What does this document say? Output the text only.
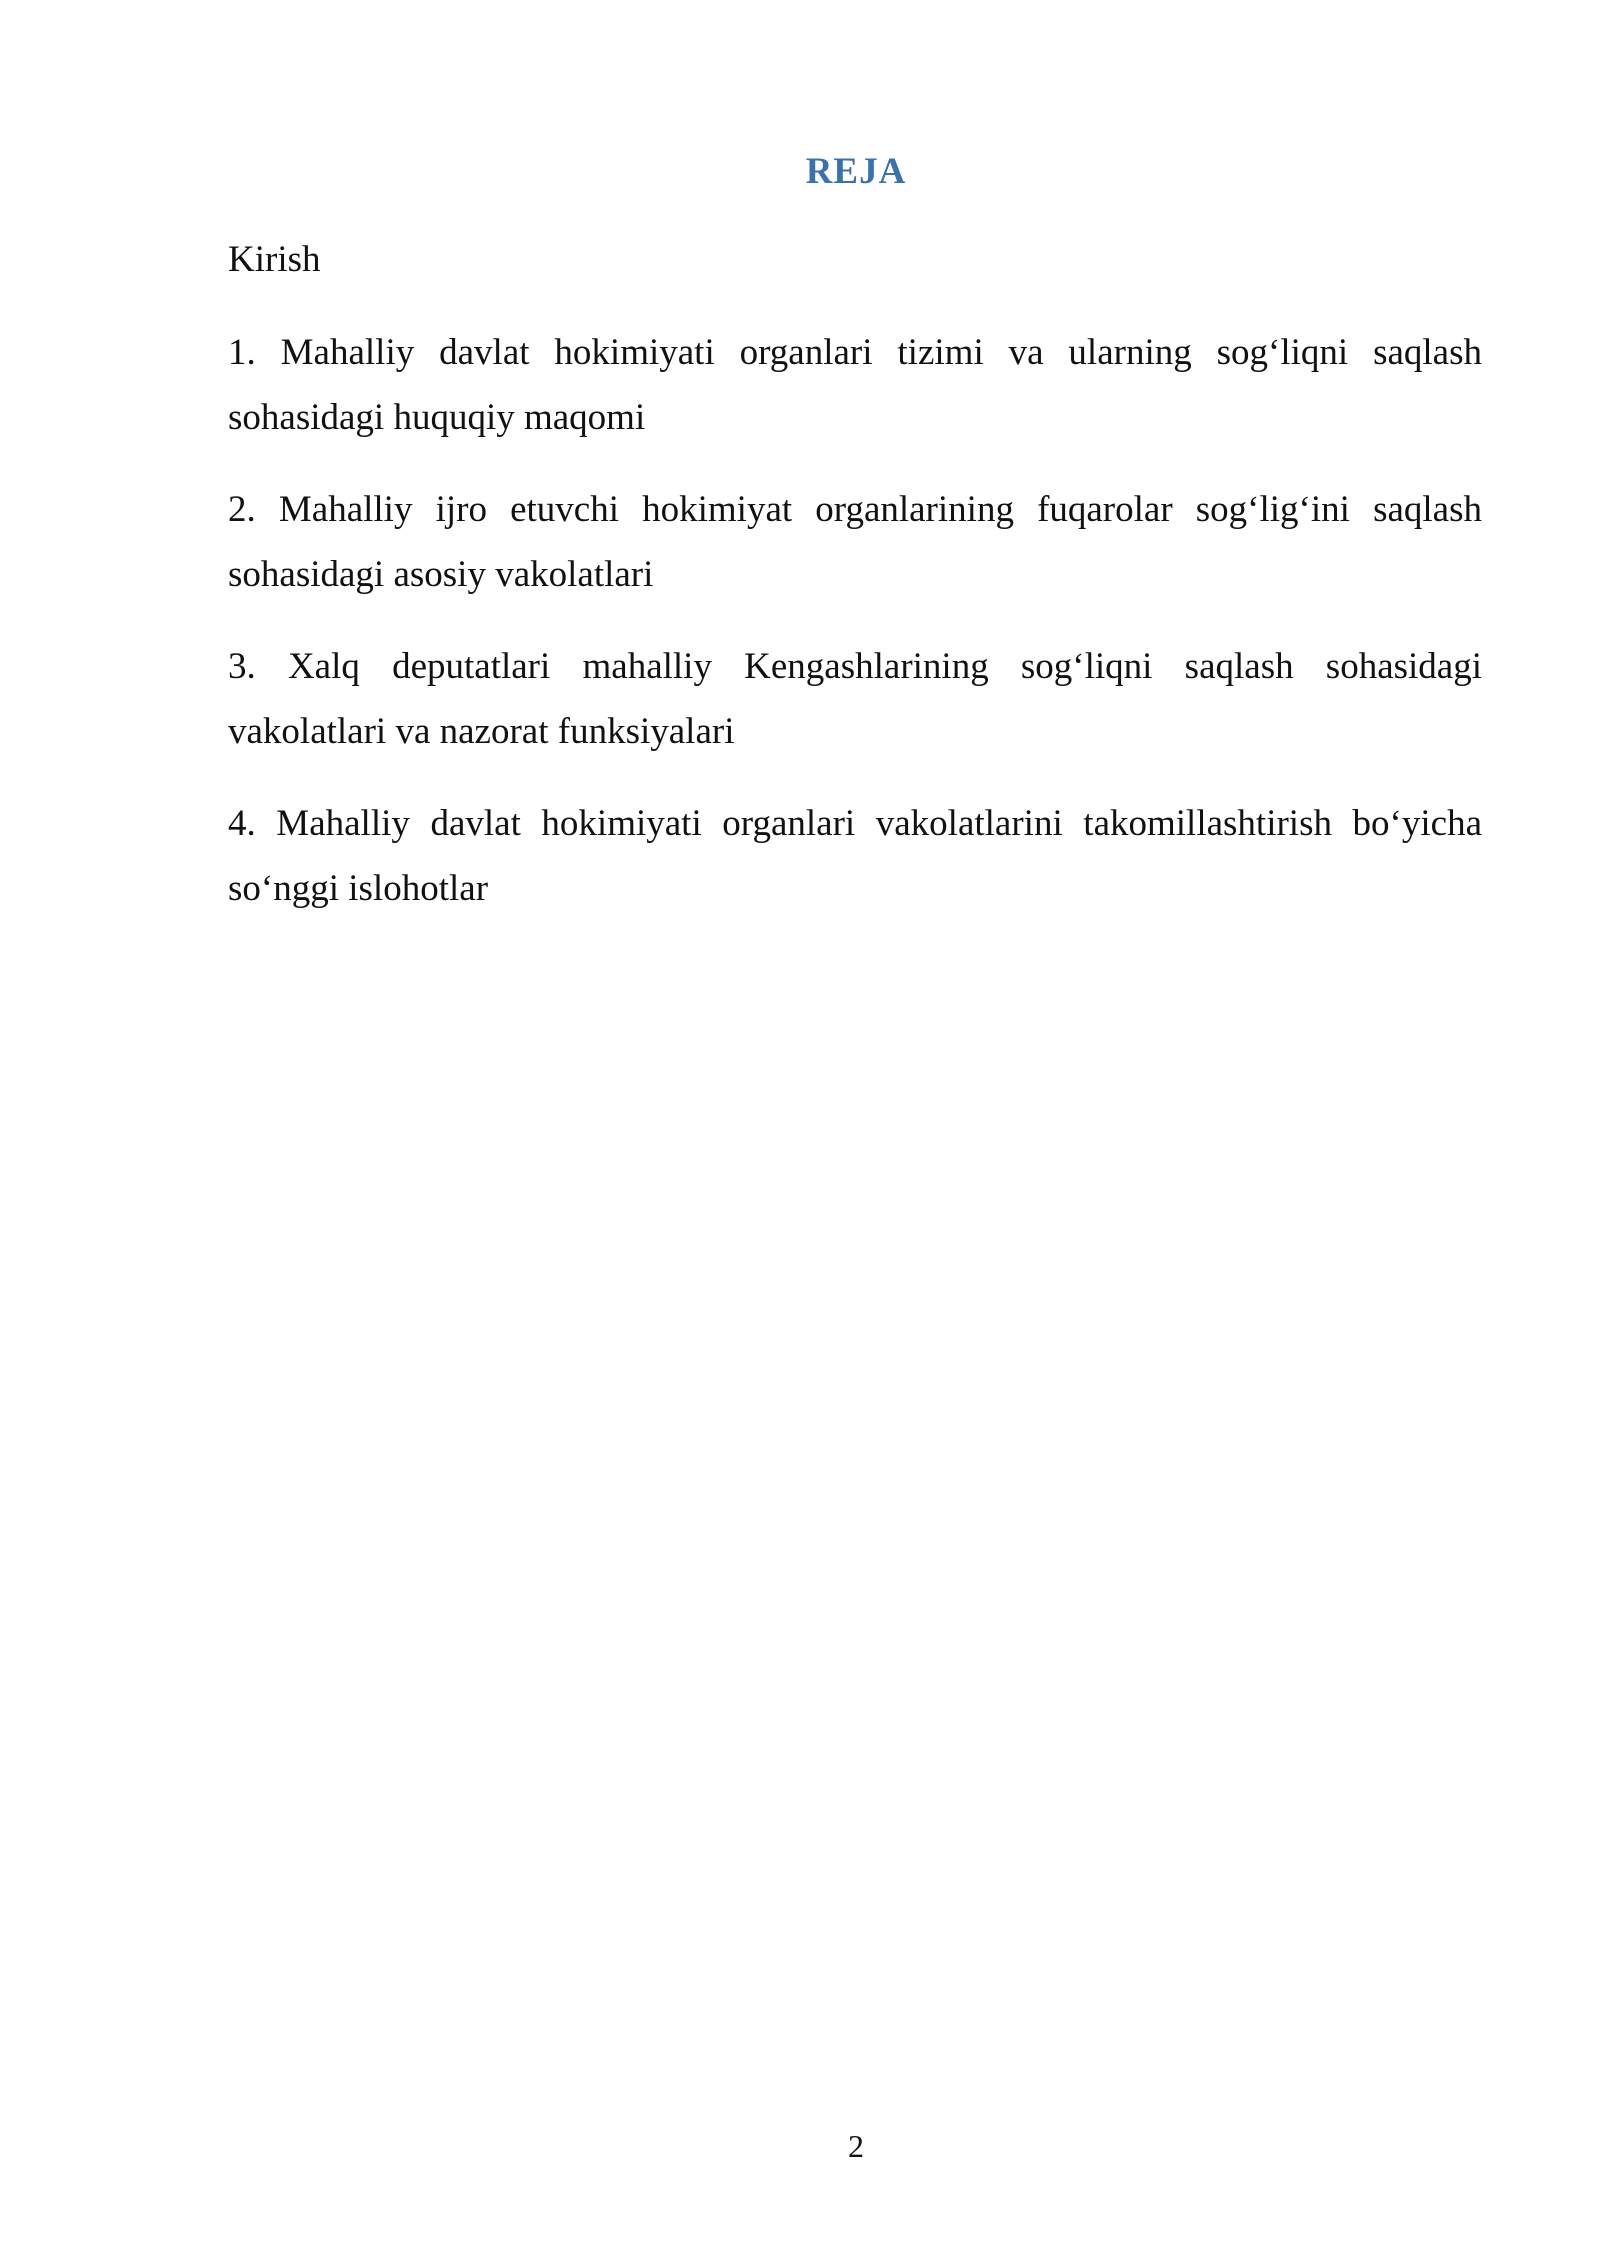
REJA
Kirish

1. Mahalliy davlat hokimiyati organlari tizimi va ularning sog‘liqni saqlash sohasidagi huquqiy maqomi

2. Mahalliy ijro etuvchi hokimiyat organlarining fuqarolar sog‘lig‘ini saqlash sohasidagi asosiy vakolatlari

3. Xalq deputatlari mahalliy Kengashlarining sog‘liqni saqlash sohasidagi vakolatlari va nazorat funksiyalari

4. Mahalliy davlat hokimiyati organlari vakolatlarini takomillashtirish bo‘yicha so‘nggi islohotlar

2
